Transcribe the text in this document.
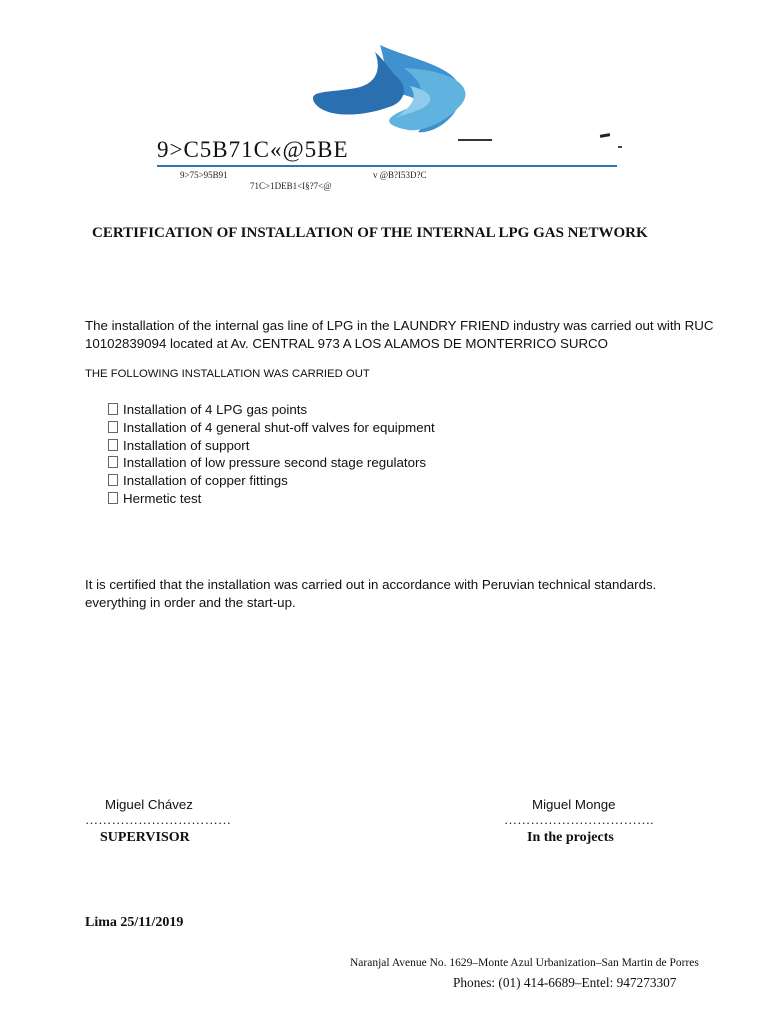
9>C5B71C«@5BE
9>75>95B91	v @B?I53D?C
71C>1DEB1<I§?7<@
CERTIFICATION OF INSTALLATION OF THE INTERNAL LPG GAS NETWORK
The installation of the internal gas line of LPG in the LAUNDRY FRIEND industry was carried out with RUC 10102839094 located at Av. CENTRAL 973 A LOS ALAMOS DE MONTERRICO SURCO
THE FOLLOWING INSTALLATION WAS CARRIED OUT
Installation of 4 LPG gas points
Installation of 4 general shut-off valves for equipment
Installation of support
Installation of low pressure second stage regulators
Installation of copper fittings
Hermetic test
It is certified that the installation was carried out in accordance with Peruvian technical standards. everything in order and the start-up.
Miguel Chávez
……………………………
SUPERVISOR
Miguel Monge
…………………………….
In the projects
Lima 25/11/2019
Naranjal Avenue No. 1629–Monte Azul Urbanization–San Martin de Porres
Phones: (01) 414-6689–Entel: 947273307
